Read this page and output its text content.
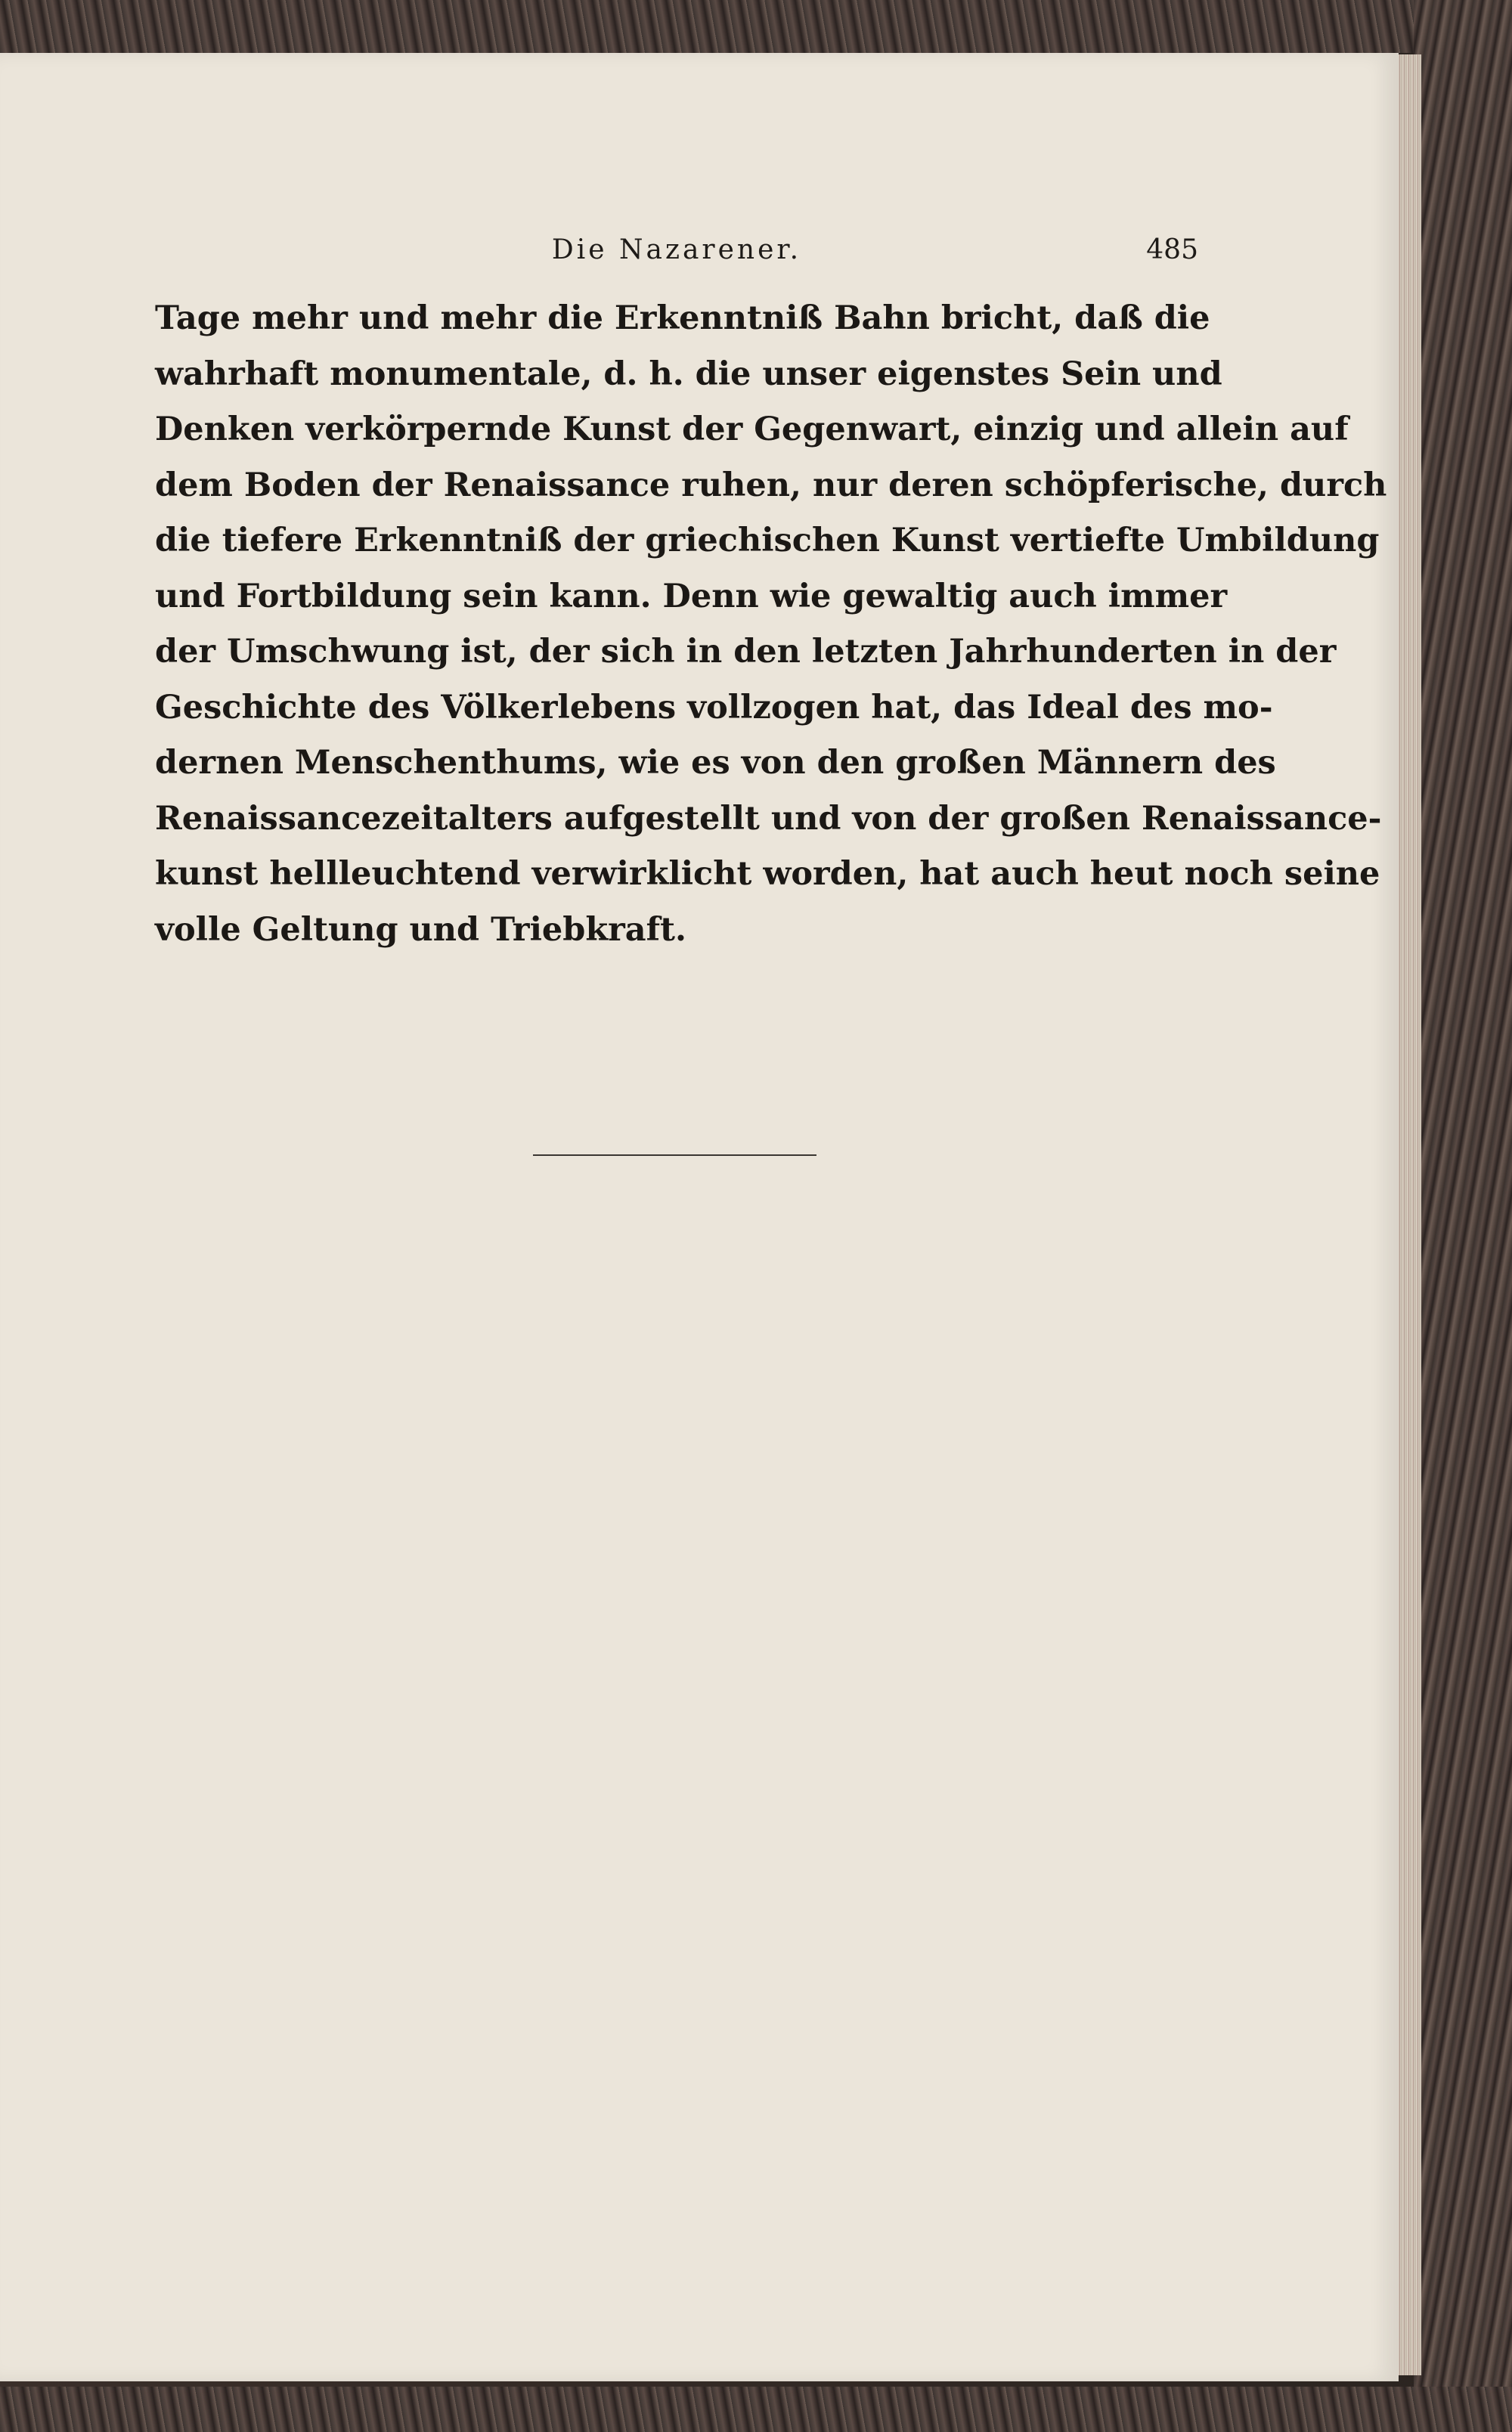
Die Nazarener.	485
Tage mehr und mehr die Erkenntniß Bahn bricht, daß die
wahrhaft monumentale, d. h. die unser eigenstes Sein und
Denken verkörpernde Kunst der Gegenwart, einzig und allein auf
dem Boden der Renaissance ruhen, nur deren schöpferische, durch
die tiefere Erkenntniß der griechischen Kunst vertiefte Umbildung
und Fortbildung sein kann. Denn wie gewaltig auch immer
der Umschwung ist, der sich in den letzten Jahrhunderten in der
Geschichte des Völkerlebens vollzogen hat, das Ideal des mo-
dernen Menschenthums, wie es von den großen Männern des
Renaissancezeitalters aufgestellt und von der großen Renaissance-
kunst hellleuchtend verwirklicht worden, hat auch heut noch seine
volle Geltung und Triebkraft.
